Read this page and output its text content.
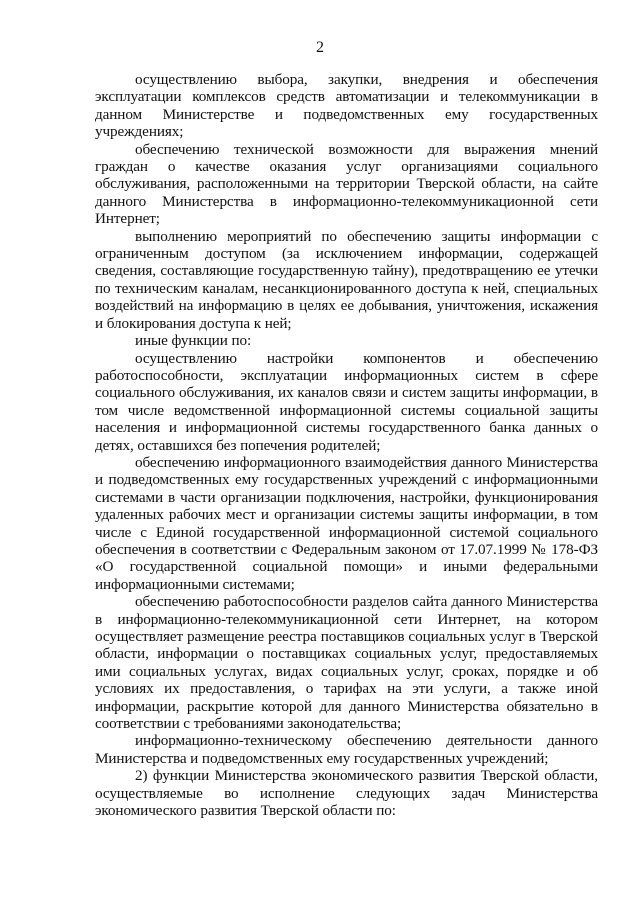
2

осуществлению выбора, закупки, внедрения и обеспечения эксплуатации комплексов средств автоматизации и телекоммуникации в данном Министерстве и подведомственных ему государственных учреждениях;

обеспечению технической возможности для выражения мнений граждан о качестве оказания услуг организациями социального обслуживания, расположенными на территории Тверской области, на сайте данного Министерства в информационно-телекоммуникационной сети Интернет;

выполнению мероприятий по обеспечению защиты информации с ограниченным доступом (за исключением информации, содержащей сведения, составляющие государственную тайну), предотвращению ее утечки по техническим каналам, несанкционированного доступа к ней, специальных воздействий на информацию в целях ее добывания, уничтожения, искажения и блокирования доступа к ней;

иные функции по:

осуществлению настройки компонентов и обеспечению работоспособности, эксплуатации информационных систем в сфере социального обслуживания, их каналов связи и систем защиты информации, в том числе ведомственной информационной системы социальной защиты населения и информационной системы государственного банка данных о детях, оставшихся без попечения родителей;

обеспечению информационного взаимодействия данного Министерства и подведомственных ему государственных учреждений с информационными системами в части организации подключения, настройки, функционирования удаленных рабочих мест и организации системы защиты информации, в том числе с Единой государственной информационной системой социального обеспечения в соответствии с Федеральным законом от 17.07.1999 № 178-ФЗ «О государственной социальной помощи» и иными федеральными информационными системами;

обеспечению работоспособности разделов сайта данного Министерства в информационно-телекоммуникационной сети Интернет, на котором осуществляет размещение реестра поставщиков социальных услуг в Тверской области, информации о поставщиках социальных услуг, предоставляемых ими социальных услугах, видах социальных услуг, сроках, порядке и об условиях их предоставления, о тарифах на эти услуги, а также иной информации, раскрытие которой для данного Министерства обязательно в соответствии с требованиями законодательства;

информационно-техническому обеспечению деятельности данного Министерства и подведомственных ему государственных учреждений;

2) функции Министерства экономического развития Тверской области, осуществляемые во исполнение следующих задач Министерства экономического развития Тверской области по:
